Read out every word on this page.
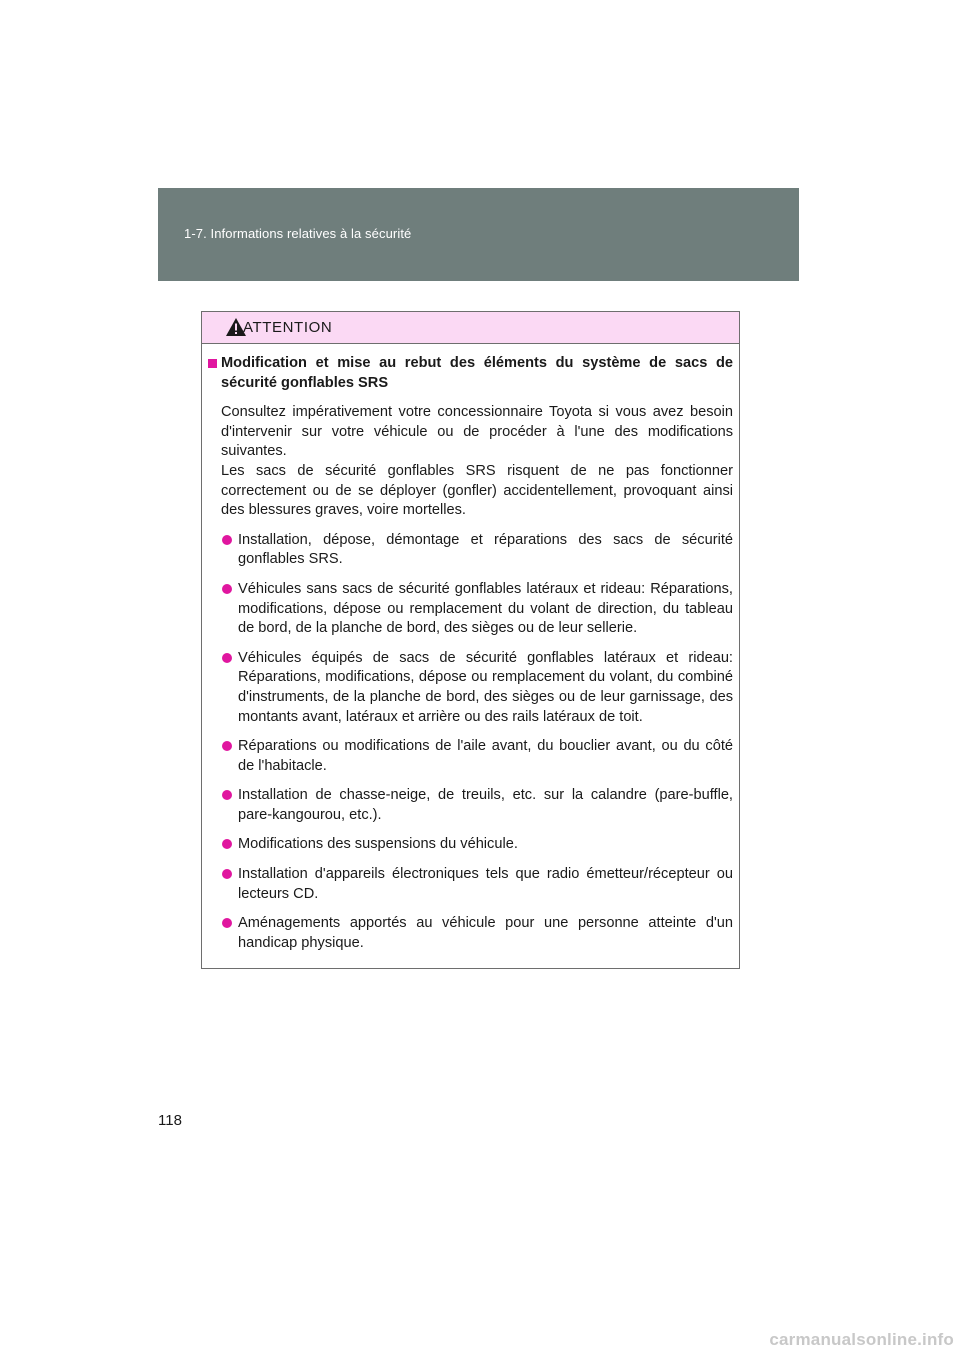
1-7. Informations relatives à la sécurité
ATTENTION
Modification et mise au rebut des éléments du système de sacs de sécurité gonflables SRS
Consultez impérativement votre concessionnaire Toyota si vous avez besoin d'intervenir sur votre véhicule ou de procéder à l'une des modifications suivantes.
Les sacs de sécurité gonflables SRS risquent de ne pas fonctionner correctement ou de se déployer (gonfler) accidentellement, provoquant ainsi des blessures graves, voire mortelles.
Installation, dépose, démontage et réparations des sacs de sécurité gonflables SRS.
Véhicules sans sacs de sécurité gonflables latéraux et rideau: Réparations, modifications, dépose ou remplacement du volant de direction, du tableau de bord, de la planche de bord, des sièges ou de leur sellerie.
Véhicules équipés de sacs de sécurité gonflables latéraux et rideau: Réparations, modifications, dépose ou remplacement du volant, du combiné d'instruments, de la planche de bord, des sièges ou de leur garnissage, des montants avant, latéraux et arrière ou des rails latéraux de toit.
Réparations ou modifications de l'aile avant, du bouclier avant, ou du côté de l'habitacle.
Installation de chasse-neige, de treuils, etc. sur la calandre (pare-buffle, pare-kangourou, etc.).
Modifications des suspensions du véhicule.
Installation d'appareils électroniques tels que radio émetteur/récepteur ou lecteurs CD.
Aménagements apportés au véhicule pour une personne atteinte d'un handicap physique.
118
carmanualsonline.info
